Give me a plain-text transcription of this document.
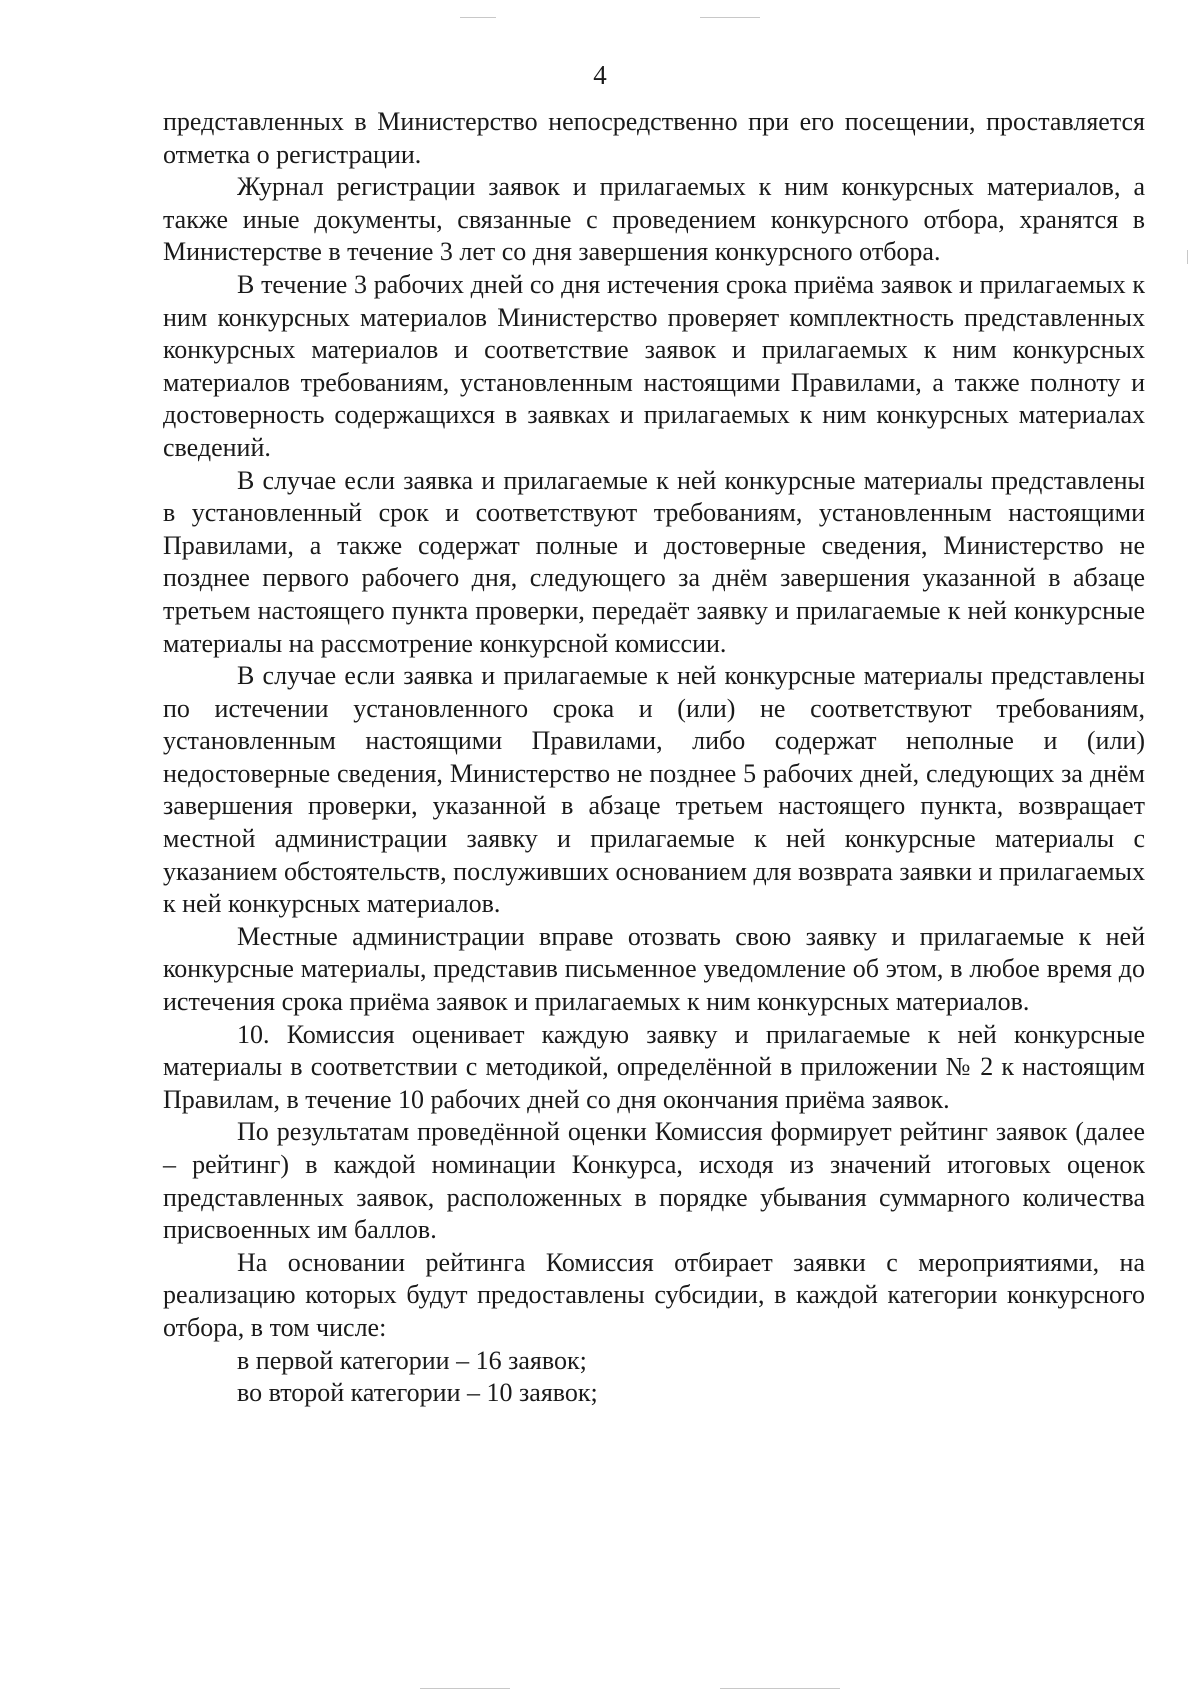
4

представленных в Министерство непосредственно при его посещении, проставляется отметка о регистрации.

Журнал регистрации заявок и прилагаемых к ним конкурсных материалов, а также иные документы, связанные с проведением конкурсного отбора, хранятся в Министерстве в течение 3 лет со дня завершения конкурсного отбора.

В течение 3 рабочих дней со дня истечения срока приёма заявок и прилагаемых к ним конкурсных материалов Министерство проверяет комплектность представленных конкурсных материалов и соответствие заявок и прилагаемых к ним конкурсных материалов требованиям, установленным настоящими Правилами, а также полноту и достоверность содержащихся в заявках и прилагаемых к ним конкурсных материалах сведений.

В случае если заявка и прилагаемые к ней конкурсные материалы представлены в установленный срок и соответствуют требованиям, установленным настоящими Правилами, а также содержат полные и достоверные сведения, Министерство не позднее первого рабочего дня, следующего за днём завершения указанной в абзаце третьем настоящего пункта проверки, передаёт заявку и прилагаемые к ней конкурсные материалы на рассмотрение конкурсной комиссии.

В случае если заявка и прилагаемые к ней конкурсные материалы представлены по истечении установленного срока и (или) не соответствуют требованиям, установленным настоящими Правилами, либо содержат неполные и (или) недостоверные сведения, Министерство не позднее 5 рабочих дней, следующих за днём завершения проверки, указанной в абзаце третьем настоящего пункта, возвращает местной администрации заявку и прилагаемые к ней конкурсные материалы с указанием обстоятельств, послуживших основанием для возврата заявки и прилагаемых к ней конкурсных материалов.

Местные администрации вправе отозвать свою заявку и прилагаемые к ней конкурсные материалы, представив письменное уведомление об этом, в любое время до истечения срока приёма заявок и прилагаемых к ним конкурсных материалов.

10. Комиссия оценивает каждую заявку и прилагаемые к ней конкурсные материалы в соответствии с методикой, определённой в приложении № 2 к настоящим Правилам, в течение 10 рабочих дней со дня окончания приёма заявок.

По результатам проведённой оценки Комиссия формирует рейтинг заявок (далее – рейтинг) в каждой номинации Конкурса, исходя из значений итоговых оценок представленных заявок, расположенных в порядке убывания суммарного количества присвоенных им баллов.

На основании рейтинга Комиссия отбирает заявки с мероприятиями, на реализацию которых будут предоставлены субсидии, в каждой категории конкурсного отбора, в том числе:

в первой категории – 16 заявок;

во второй категории – 10 заявок;
